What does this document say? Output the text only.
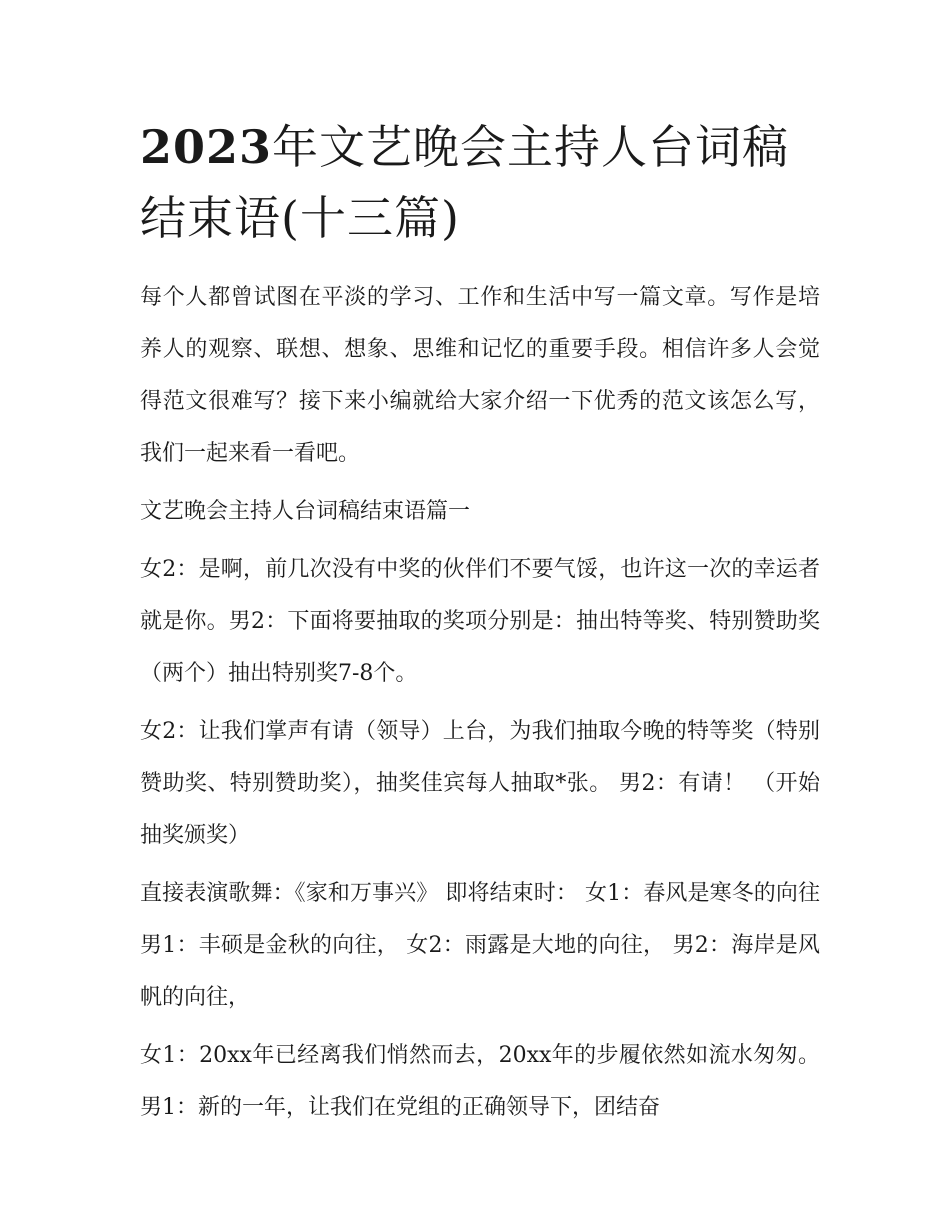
2023年文艺晚会主持人台词稿结束语(十三篇)

每个人都曾试图在平淡的学习、工作和生活中写一篇文章。写作是培养人的观察、联想、想象、思维和记忆的重要手段。相信许多人会觉得范文很难写？接下来小编就给大家介绍一下优秀的范文该怎么写，我们一起来看一看吧。

文艺晚会主持人台词稿结束语篇一

女2：是啊，前几次没有中奖的伙伴们不要气馁，也许这一次的幸运者就是你。男2：下面将要抽取的奖项分别是：抽出特等奖、特别赞助奖（两个）抽出特别奖7-8个。

女2：让我们掌声有请（领导）上台，为我们抽取今晚的特等奖（特别赞助奖、特别赞助奖），抽奖佳宾每人抽取*张。 男2：有请！ （开始抽奖颁奖）

直接表演歌舞：《家和万事兴》 即将结束时： 女1：春风是寒冬的向往 男1：丰硕是金秋的向往， 女2：雨露是大地的向往， 男2：海岸是风帆的向往，

女1：20xx年已经离我们悄然而去，20xx年的步履依然如流水匆匆。 男1：新的一年，让我们在党组的正确领导下，团结奋
